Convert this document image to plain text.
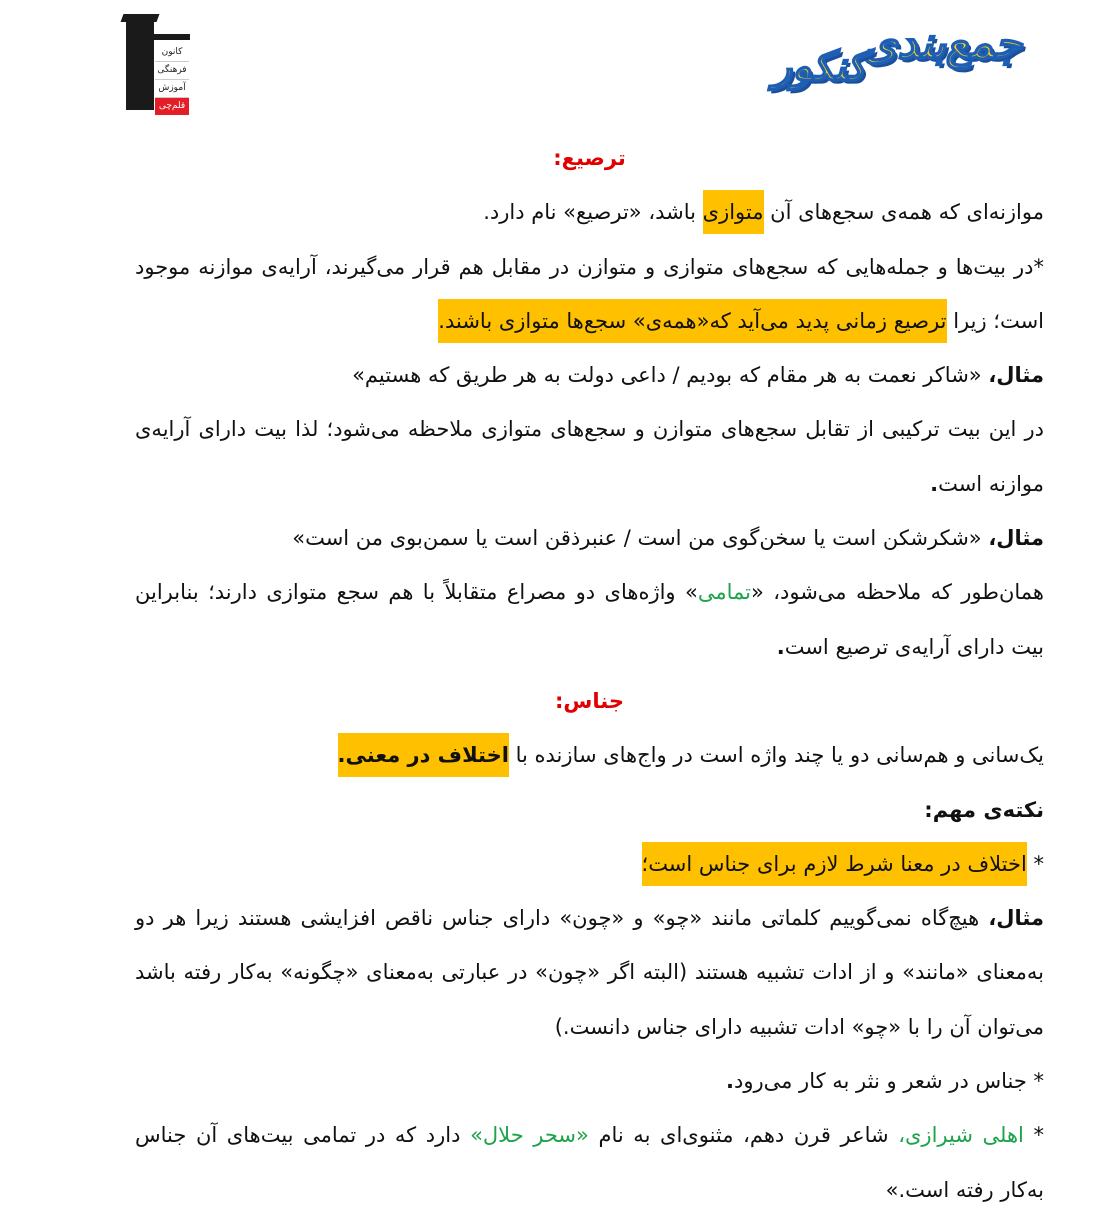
کانون
فرهنگی
آموزش
قلم‌چی
جمع‌بندی
کنکور

ترصیع:

موازنه‌ای که همه‌ی سجع‌های آن متوازی باشد، «ترصیع» نام دارد.

*در بیت‌ها و جمله‌هایی که سجع‌های متوازی و متوازن در مقابل هم قرار می‌گیرند، آرایه‌ی موازنه موجود است؛ زیرا ترصیع زمانی پدید می‌آید که«همه‌ی» سجع‌ها متوازی باشند.

مثال، «شاکر نعمت به هر مقام که بودیم / داعی دولت به هر طریق که هستیم»

در این بیت ترکیبی از تقابل سجع‌های متوازن و سجع‌های متوازی ملاحظه می‌شود؛ لذا بیت دارای آرایه‌ی موازنه است.

مثال، «شکرشکن است یا سخن‌گوی من است / عنبرذقن است یا سمن‌بوی من است»

همان‌طور که ملاحظه می‌شود، «تمامی» واژه‌های دو مصراع متقابلاً با هم سجع متوازی دارند؛ بنابراین بیت دارای آرایه‌ی ترصیع است.

جناس:

یک‌سانی و هم‌سانی دو یا چند واژه است در واج‌های سازنده با اختلاف در معنی.

نکته‌ی مهم:

* اختلاف در معنا شرط لازم برای جناس است؛

مثال، هیچ‌گاه نمی‌گوییم کلماتی مانند «چو» و «چون» دارای جناس ناقص افزایشی هستند زیرا هر دو به‌معنای «مانند» و از ادات تشبیه هستند (البته اگر «چون» در عبارتی به‌معنای «چگونه» به‌کار رفته باشد می‌توان آن را با «چو» ادات تشبیه دارای جناس دانست.)

* جناس در شعر و نثر به کار می‌رود.

* اهلی شیرازی، شاعر قرن دهم، مثنوی‌ای به نام «سحر حلال» دارد که در تمامی بیت‌های آن جناس به‌کار رفته است.»
